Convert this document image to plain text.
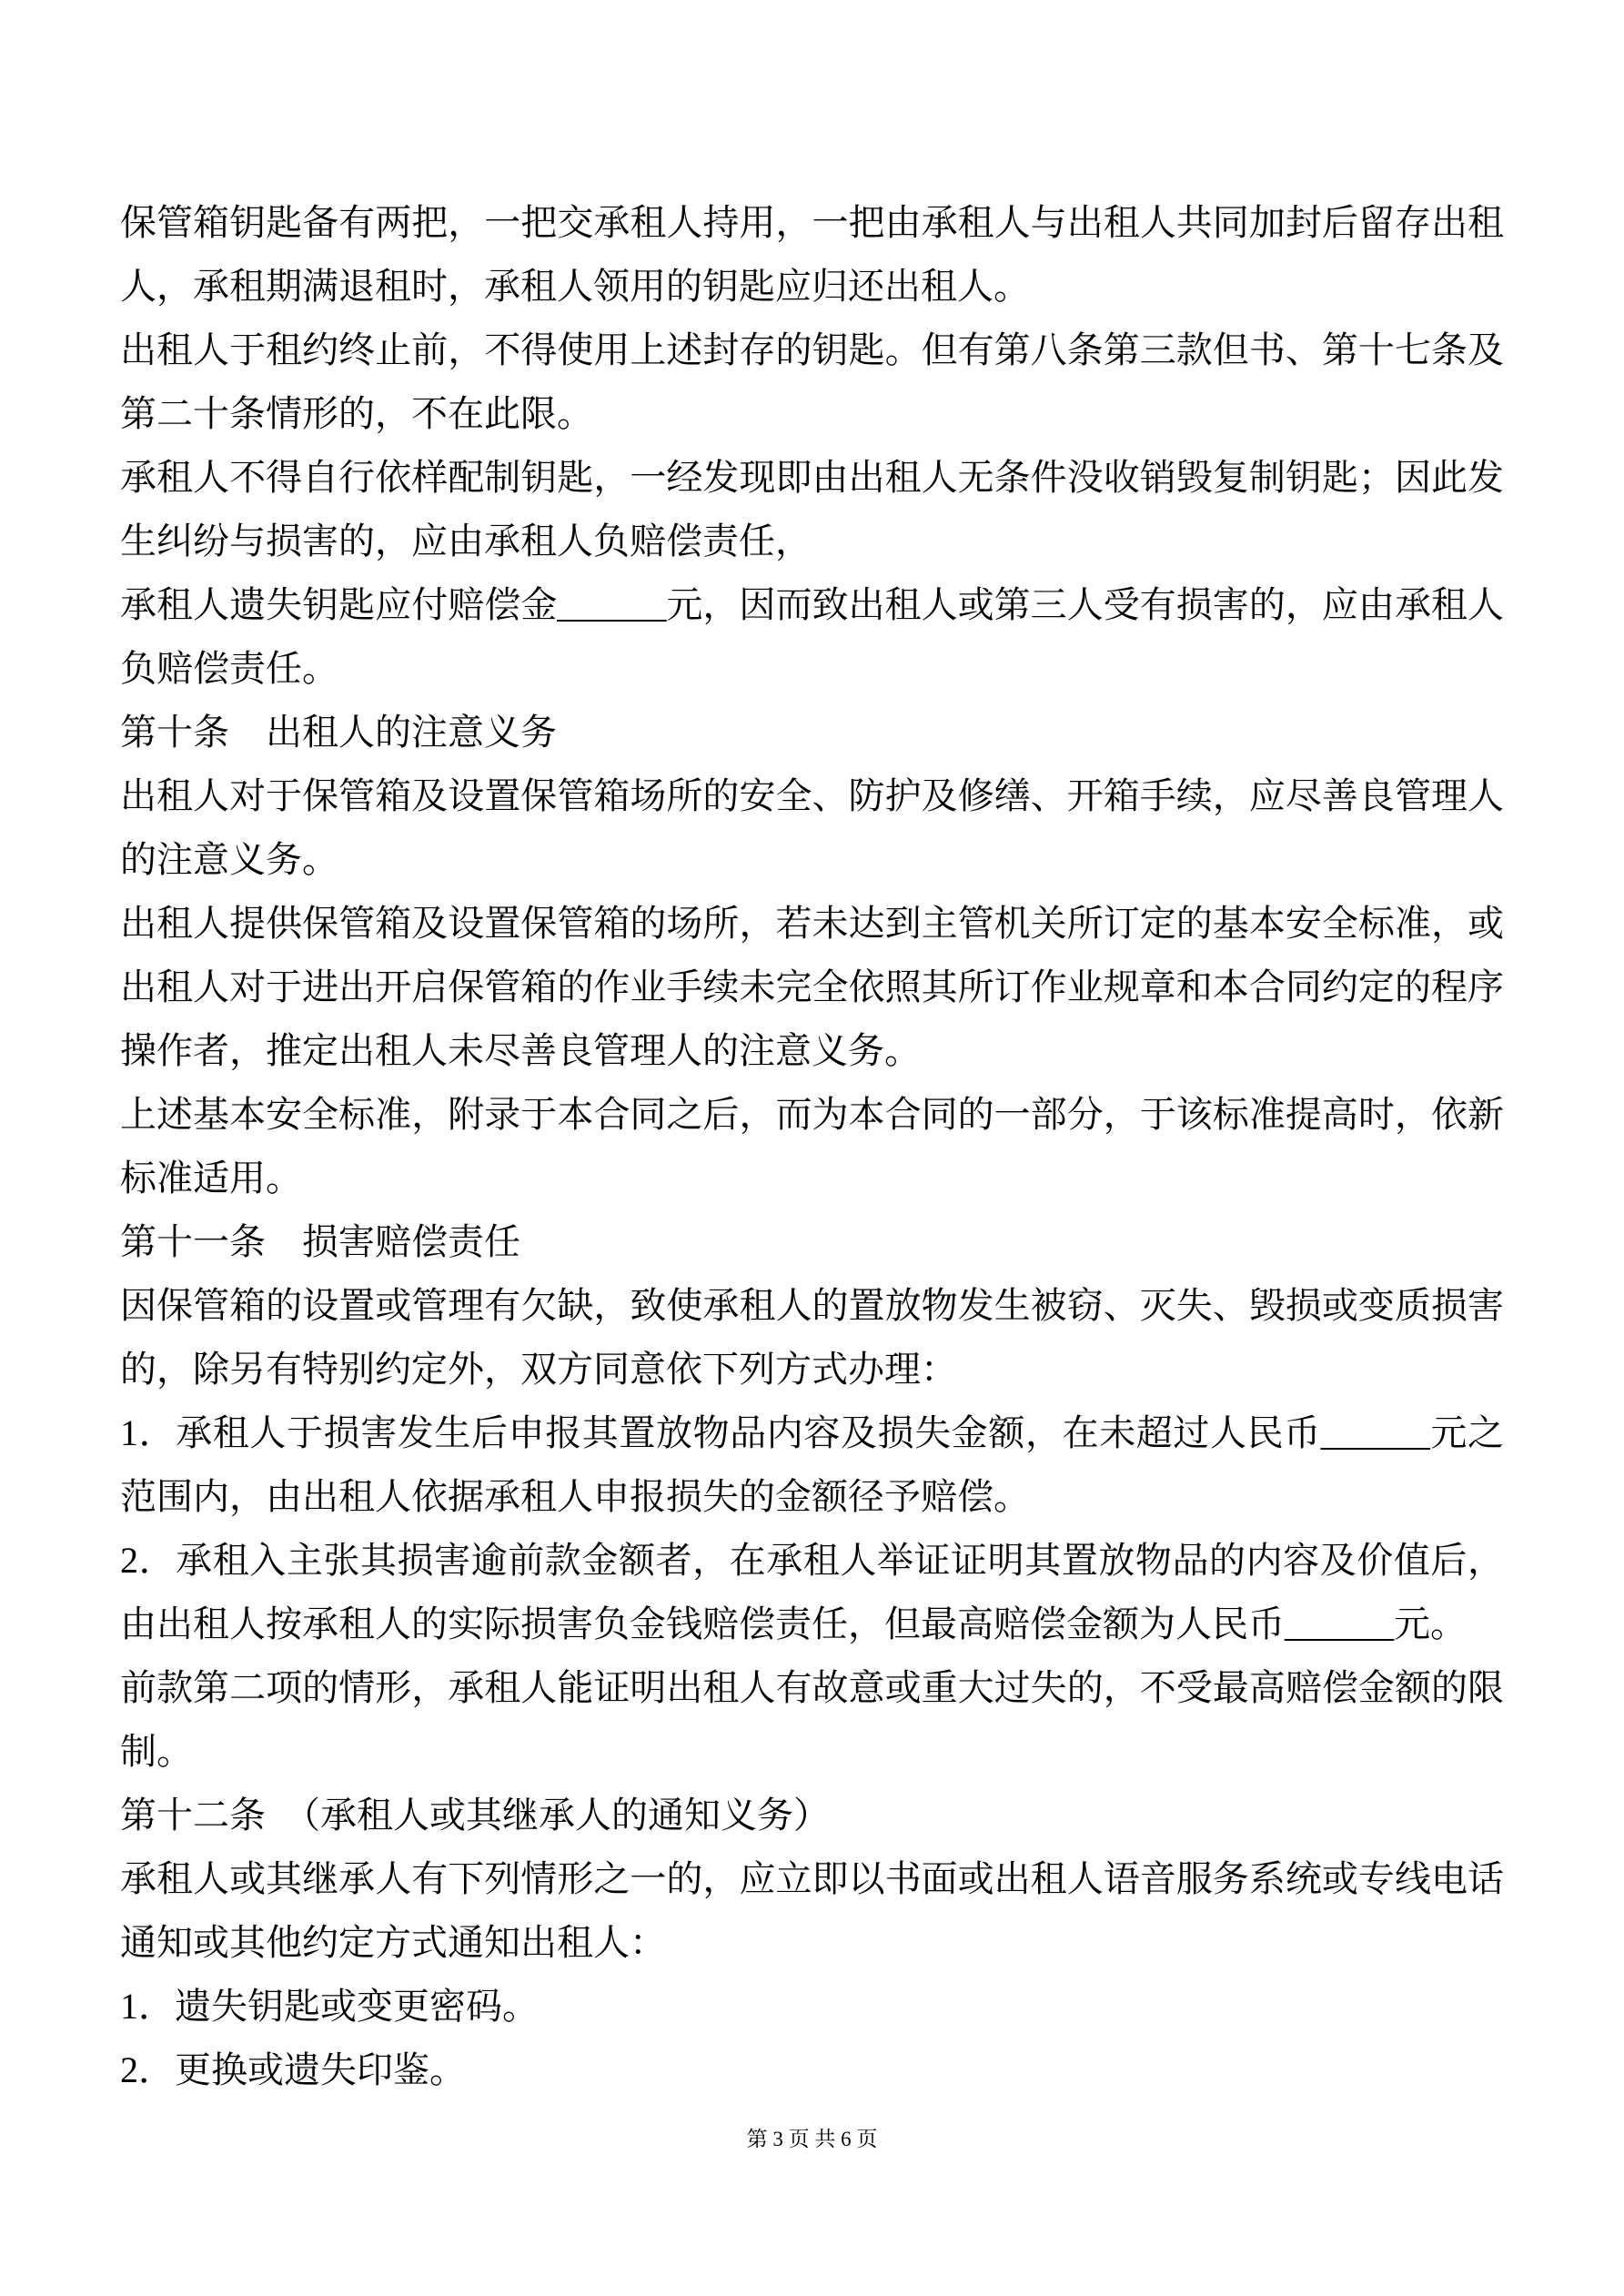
保管箱钥匙备有两把，一把交承租人持用，一把由承租人与出租人共同加封后留存出租人，承租期满退租时，承租人领用的钥匙应归还出租人。

出租人于租约终止前，不得使用上述封存的钥匙。但有第八条第三款但书、第十七条及第二十条情形的，不在此限。

承租人不得自行依样配制钥匙，一经发现即由出租人无条件没收销毁复制钥匙；因此发生纠纷与损害的，应由承租人负赔偿责任，

承租人遗失钥匙应付赔偿金______元，因而致出租人或第三人受有损害的，应由承租人负赔偿责任。

第十条　出租人的注意义务

出租人对于保管箱及设置保管箱场所的安全、防护及修缮、开箱手续，应尽善良管理人的注意义务。

出租人提供保管箱及设置保管箱的场所，若未达到主管机关所订定的基本安全标准，或出租人对于进出开启保管箱的作业手续未完全依照其所订作业规章和本合同约定的程序操作者，推定出租人未尽善良管理人的注意义务。

上述基本安全标准，附录于本合同之后，而为本合同的一部分，于该标准提高时，依新标准适用。

第十一条　损害赔偿责任

因保管箱的设置或管理有欠缺，致使承租人的置放物发生被窃、灭失、毁损或变质损害的，除另有特别约定外，双方同意依下列方式办理：

1．承租人于损害发生后申报其置放物品内容及损失金额，在未超过人民币______元之范围内，由出租人依据承租人申报损失的金额径予赔偿。

2．承租入主张其损害逾前款金额者，在承租人举证证明其置放物品的内容及价值后，由出租人按承租人的实际损害负金钱赔偿责任，但最高赔偿金额为人民币______元。

前款第二项的情形，承租人能证明出租人有故意或重大过失的，不受最高赔偿金额的限制。

第十二条　（承租人或其继承人的通知义务）

承租人或其继承人有下列情形之一的，应立即以书面或出租人语音服务系统或专线电话通知或其他约定方式通知出租人：

1．遗失钥匙或变更密码。

2．更换或遗失印鉴。

第 3 页 共 6 页
